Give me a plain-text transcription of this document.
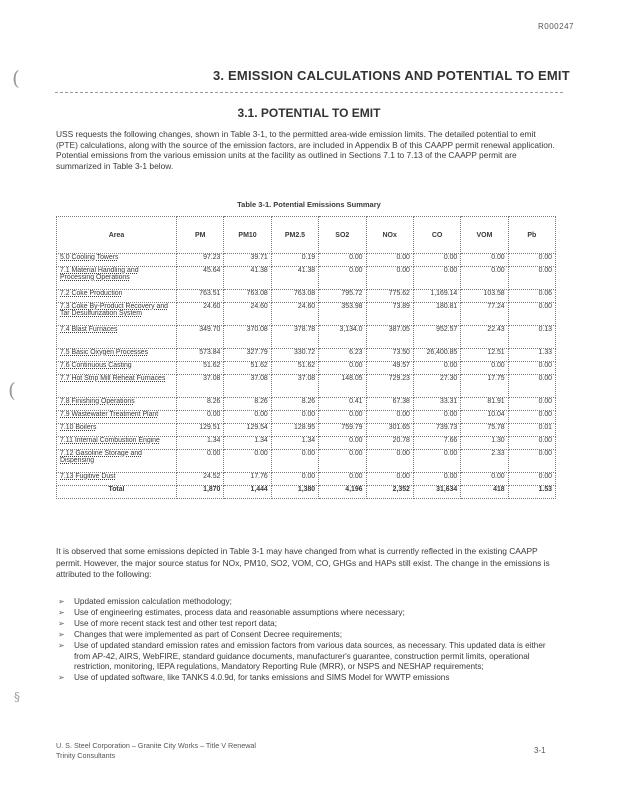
R000247
(
(
§
3. EMISSION CALCULATIONS AND POTENTIAL TO EMIT
3.1. POTENTIAL TO EMIT

USS requests the following changes, shown in Table 3-1, to the permitted area-wide emission limits. The detailed potential to emit (PTE) calculations, along with the source of the emission factors, are included in Appendix B of this CAAPP permit renewal application. Potential emissions from the various emission units at the facility as outlined in Sections 7.1 to 7.13 of the CAAPP permit are summarized in Table 3-1 below.

Table 3-1. Potential Emissions Summary
Area	PM	PM10	PM2.5	SO2	NOx	CO	VOM	Pb
5.0 Cooling Towers	97.23	39.71	0.19	0.00	0.00	0.00	0.00	0.00
7.1 Material Handling and Processing Operations	45.64	41.38	41.38	0.00	0.00	0.00	0.00	0.00
7.2 Coke Production	763.51	763.08	763.08	795.72	775.62	1,169.14	103.58	0.06
7.3 Coke By-Product Recovery and Tar Desulfurization System	24.60	24.60	24.60	353.98	73.89	180.81	77.24	0.00
7.4 Blast Furnaces	349.70	370.08	378.78	3,134.0	387.05	952.57	22.43	0.13
7.5 Basic Oxygen Processes	573.84	327.79	330.72	6.23	73.50	26,400.85	12.51	1.33
7.6 Continuous Casting	51.62	51.62	51.62	0.00	49.57	0.00	0.00	0.00
7.7 Hot Strip Mill Reheat Furnaces	37.08	37.08	37.08	148.05	729.23	27.30	17.75	0.00
7.8 Finishing Operations	8.26	8.26	8.26	0.41	67.38	33.31	81.91	0.00
7.9 Wastewater Treatment Plant	0.00	0.00	0.00	0.00	0.00	0.00	10.04	0.00
7.10 Boilers	129.51	129.54	128.95	759.79	301.65	739.73	75.78	0.01
7.11 Internal Combustion Engine	1.34	1.34	1.34	0.00	20.78	7.66	1.30	0.00
7.12 Gasoline Storage and Dispensing	0.00	0.00	0.00	0.00	0.00	0.00	2.33	0.00
7.13 Fugitive Dust	24.52	17.76	0.00	0.00	0.00	0.00	0.00	0.00
Total	1,870	1,444	1,380	4,196	2,352	31,634	418	1.53

It is observed that some emissions depicted in Table 3-1 may have changed from what is currently reflected in the existing CAAPP permit. However, the major source status for NOx, PM10, SO2, VOM, CO, GHGs and HAPs still exist. The change in the emissions is attributed to the following:

➢ Updated emission calculation methodology;
➢ Use of engineering estimates, process data and reasonable assumptions where necessary;
➢ Use of more recent stack test and other test report data;
➢ Changes that were implemented as part of Consent Decree requirements;
➢ Use of updated standard emission rates and emission factors from various data sources, as necessary. This updated data is either from AP-42, AIRS, WebFIRE, standard guidance documents, manufacturer's guarantee, construction permit limits, operational restriction, monitoring, IEPA regulations, Mandatory Reporting Rule (MRR), or NSPS and NESHAP requirements;
➢ Use of updated software, like TANKS 4.0.9d, for tanks emissions and SIMS Model for WWTP emissions
U. S. Steel Corporation – Granite City Works – Title V Renewal
Trinity Consultants
3-1
